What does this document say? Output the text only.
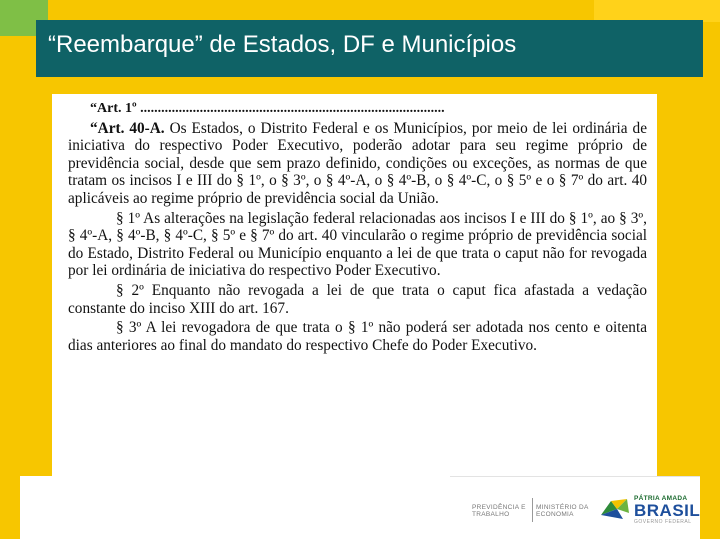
“Reembarque” de Estados, DF e Municípios
“Art. 1º .......................................................................................

“Art. 40-A. Os Estados, o Distrito Federal e os Municípios, por meio de lei ordinária de iniciativa do respectivo Poder Executivo, poderão adotar para seu regime próprio de previdência social, desde que sem prazo definido, condições ou exceções, as normas de que tratam os incisos I e III do § 1º, o § 3º, o § 4º-A, o § 4º-B, o § 4º-C, o § 5º e o § 7º do art. 40 aplicáveis ao regime próprio de previdência social da União.

§ 1º As alterações na legislação federal relacionadas aos incisos I e III do § 1º, ao § 3º, § 4º-A, § 4º-B, § 4º-C, § 5º e § 7º do art. 40 vincularão o regime próprio de previdência social do Estado, Distrito Federal ou Município enquanto a lei de que trata o caput não for revogada por lei ordinária de iniciativa do respectivo Poder Executivo.

§ 2º Enquanto não revogada a lei de que trata o caput fica afastada a vedação constante do inciso XIII do art. 167.

§ 3º A lei revogadora de que trata o § 1º não poderá ser adotada nos cento e oitenta dias anteriores ao final do mandato do respectivo Chefe do Poder Executivo.

PREVIDÊNCIA E
TRABALHO
MINISTÉRIO DA
ECONOMIA
PÁTRIA AMADA
BRASIL
GOVERNO FEDERAL
